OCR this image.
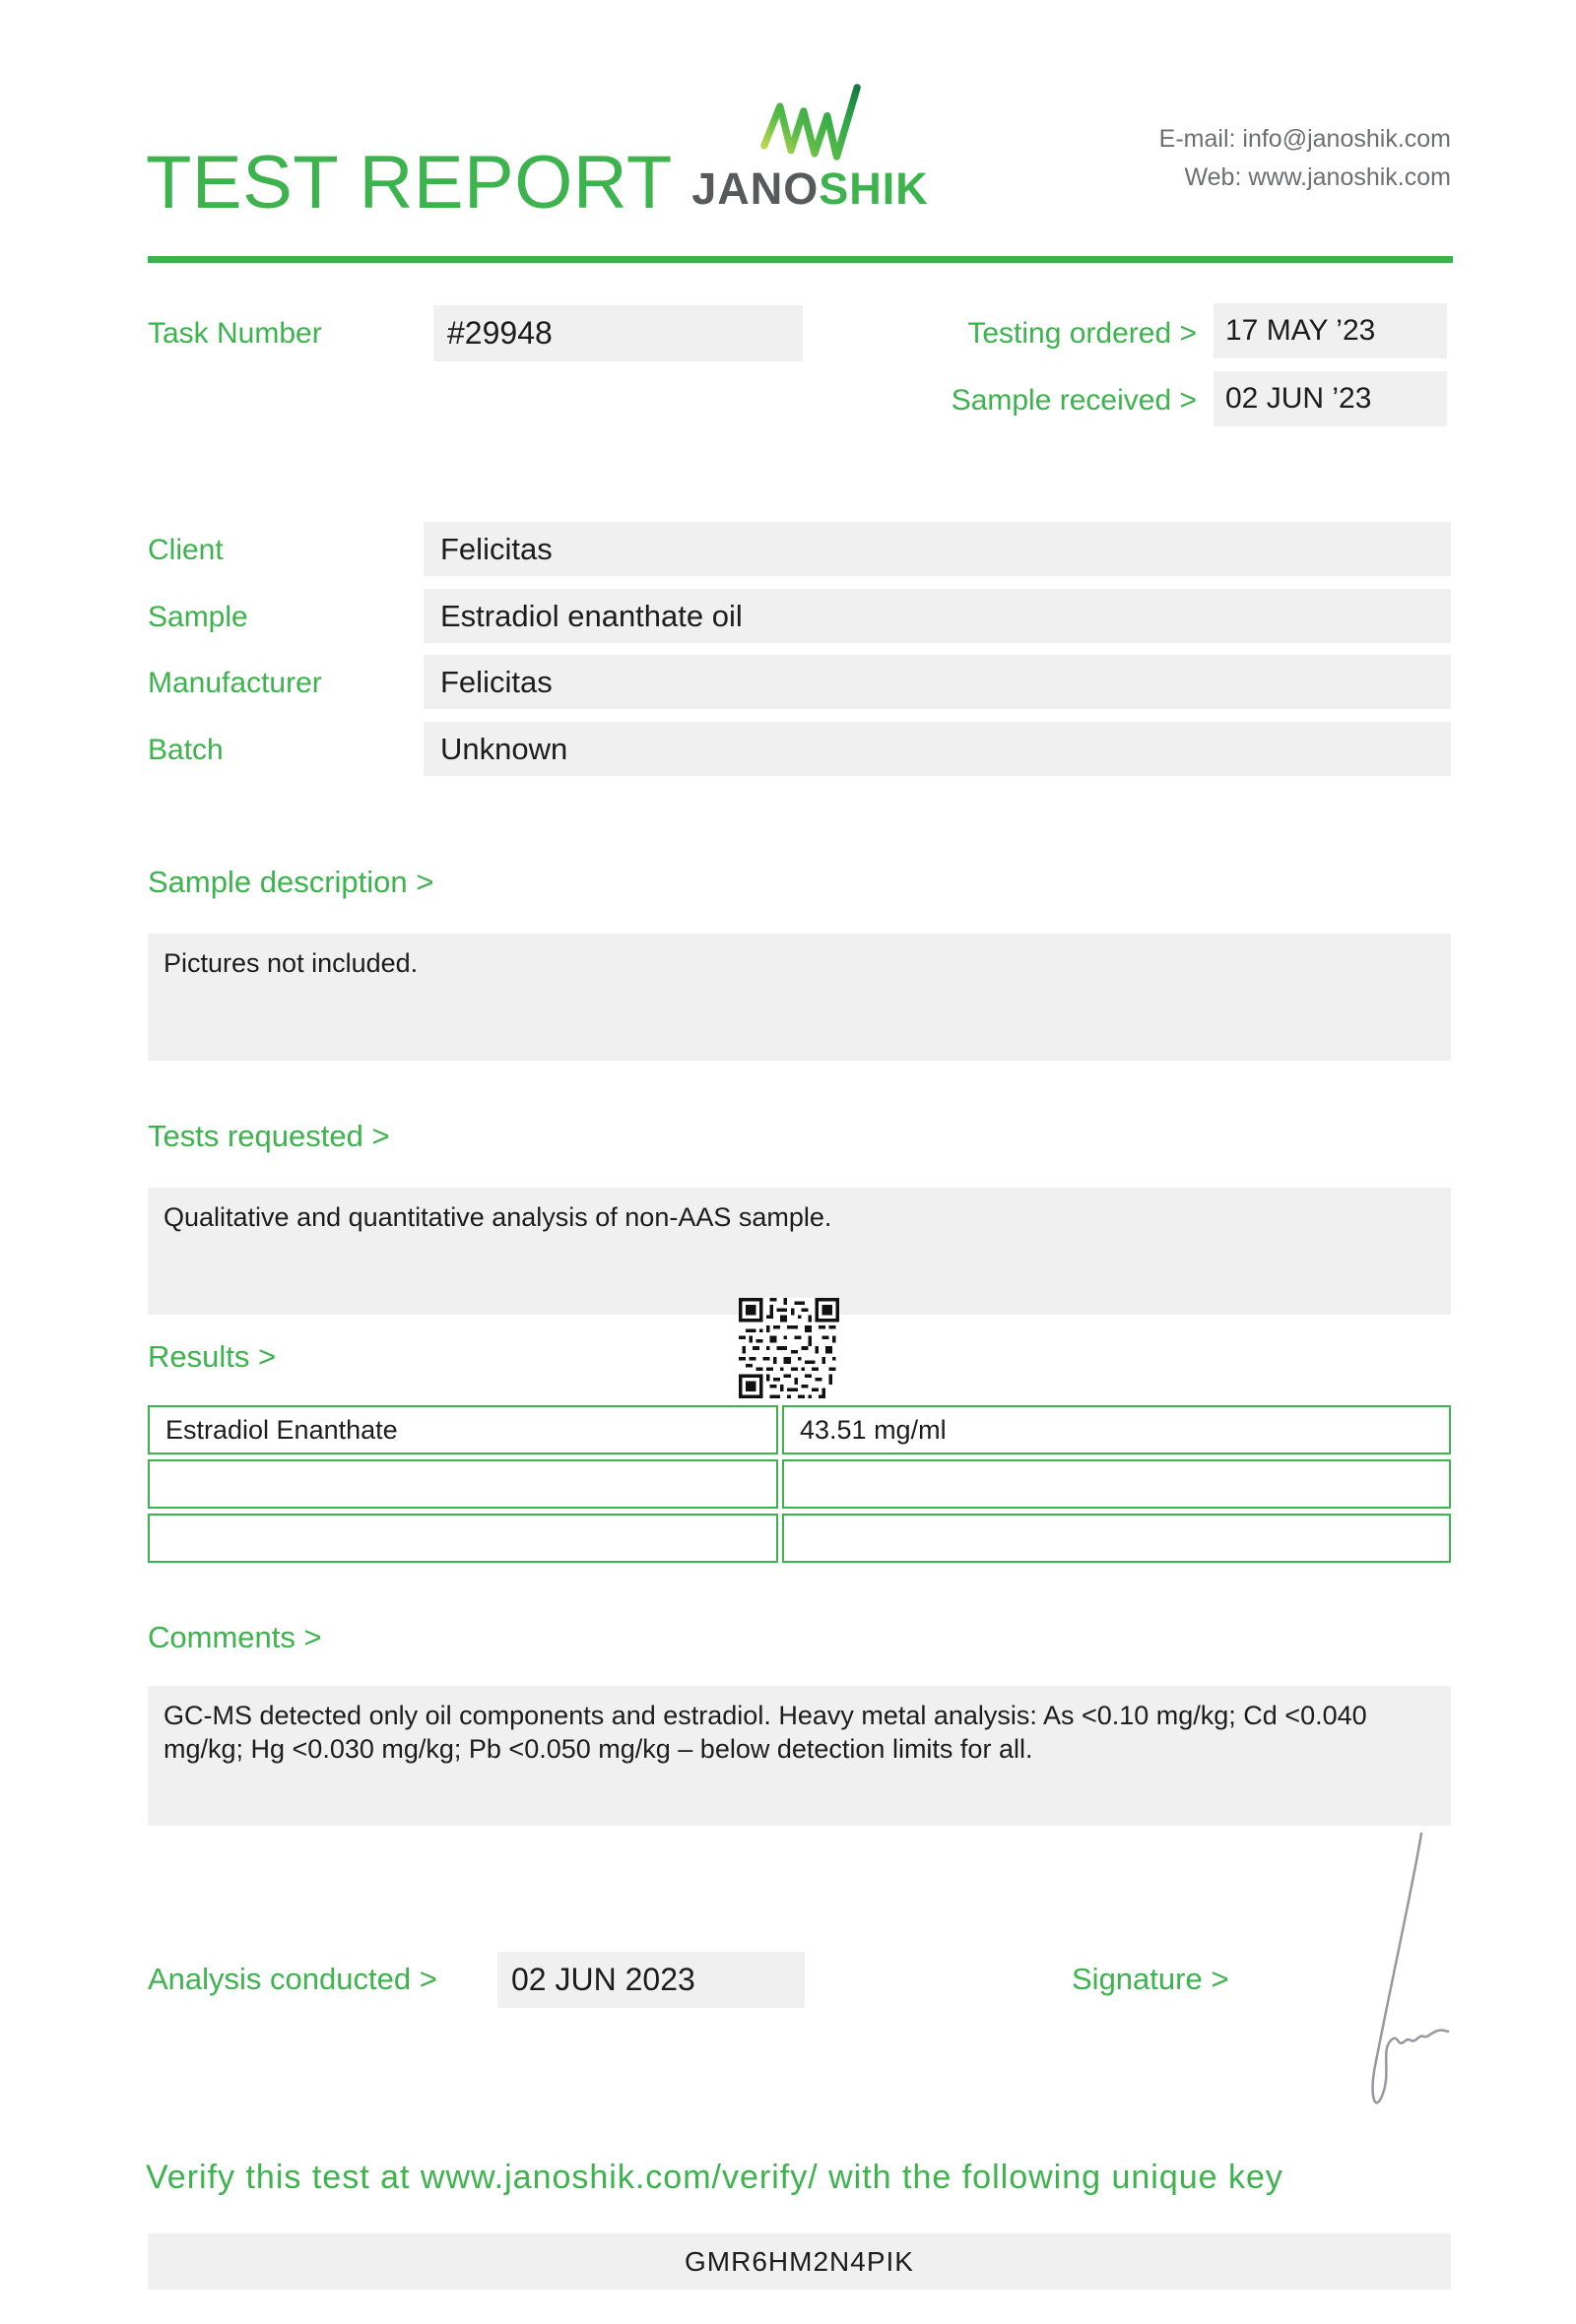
TEST REPORT JANOSHIK
E-mail: info@janoshik.com
Web: www.janoshik.com
Task Number	#29948	Testing ordered > 17 MAY ’23
Sample received > 02 JUN ’23
Client	Felicitas
Sample	Estradiol enanthate oil
Manufacturer	Felicitas
Batch	Unknown
Sample description >
Pictures not included.
Tests requested >
Qualitative and quantitative analysis of non-AAS sample.
Results >
Estradiol Enanthate	43.51 mg/ml

Comments >
GC-MS detected only oil components and estradiol. Heavy metal analysis: As <0.10 mg/kg; Cd <0.040 mg/kg; Hg <0.030 mg/kg; Pb <0.050 mg/kg – below detection limits for all.
Analysis conducted >	02 JUN 2023	Signature >
Verify this test at www.janoshik.com/verify/ with the following unique key
GMR6HM2N4PIK
